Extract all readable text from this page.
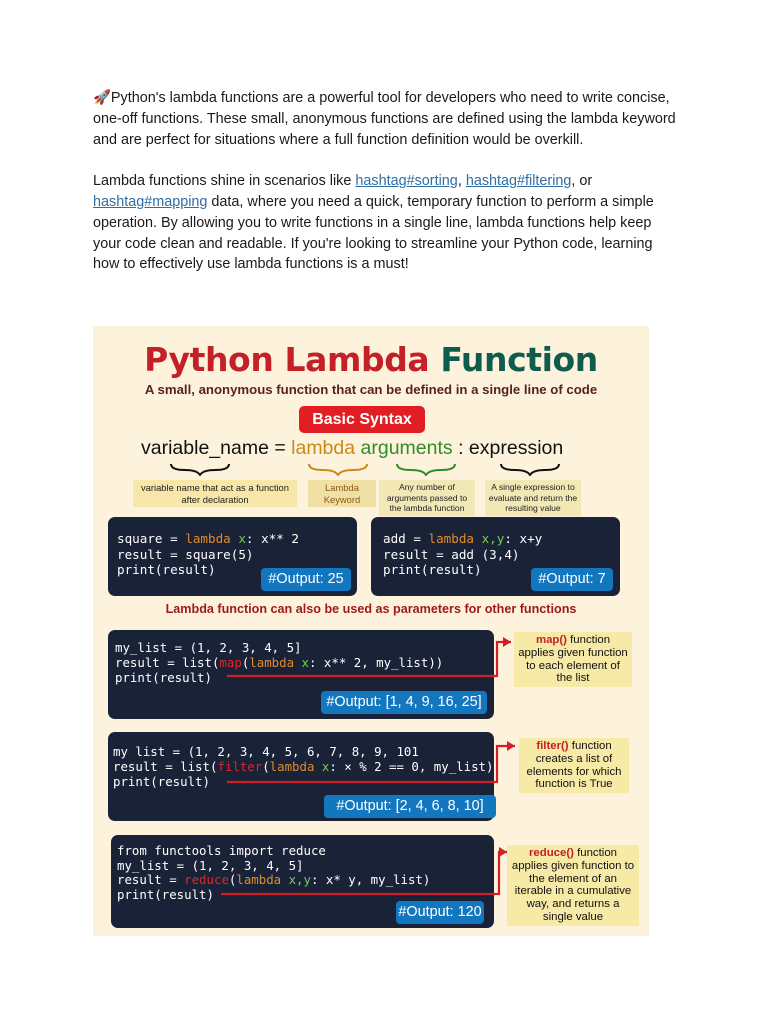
🚀Python's lambda functions are a powerful tool for developers who need to write concise, one-off functions. These small, anonymous functions are defined using the lambda keyword and are perfect for situations where a full function definition would be overkill.

Lambda functions shine in scenarios like hashtag#sorting, hashtag#filtering, or hashtag#mapping data, where you need a quick, temporary function to perform a simple operation. By allowing you to write functions in a single line, lambda functions help keep your code clean and readable. If you're looking to streamline your Python code, learning how to effectively use lambda functions is a must!

Python Lambda Function
A small, anonymous function that can be defined in a single line of code
Basic Syntax
variable_name = lambda arguments : expression
variable name that act as a function after declaration
Lambda Keyword
Any number of arguments passed to the lambda function
A single expression to evaluate and return the resulting value
square = lambda x: x** 2
result = square(5)
print(result)
#Output: 25
add = lambda x,y: x+y
result = add (3,4)
print(result)
#Output: 7
Lambda function can also be used as parameters for other functions
my_list = (1, 2, 3, 4, 5]
result = list(map(lambda x: x** 2, my_list))
print(result)
#Output: [1, 4, 9, 16, 25]
map() function applies given function to each element of the list
my list = (1, 2, 3, 4, 5, 6, 7, 8, 9, 101
result = list(filter(lambda x: × % 2 == 0, my_list))
print(result)
#Output: [2, 4, 6, 8, 10]
filter() function creates a list of elements for which function is True
from functools import reduce
my_list = (1, 2, 3, 4, 5]
result = reduce(lambda x,y: x* y, my_list)
print(result)
#Output: 120
reduce() function applies given function to the element of an iterable in a cumulative way, and returns a single value
